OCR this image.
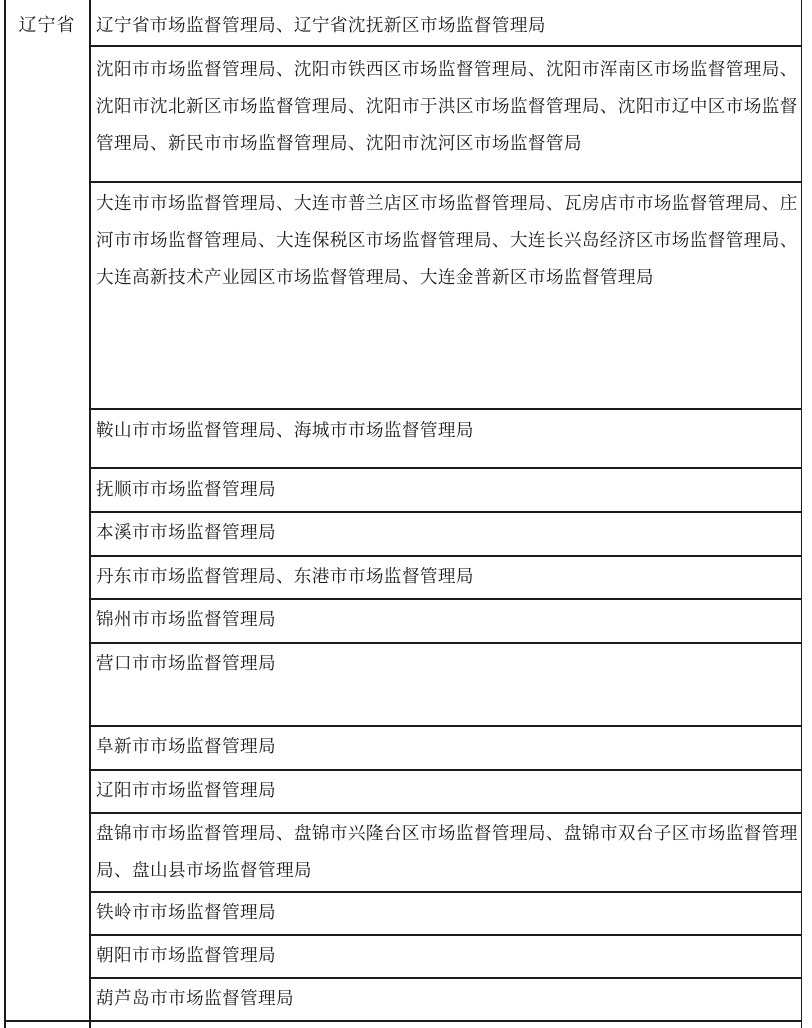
辽宁省	辽宁省市场监督管理局、辽宁省沈抚新区市场监督管理局
沈阳市市场监督管理局、沈阳市铁西区市场监督管理局、沈阳市浑南区市场监督管理局、沈阳市沈北新区市场监督管理局、沈阳市于洪区市场监督管理局、沈阳市辽中区市场监督管理局、新民市市场监督管理局、沈阳市沈河区市场监督管局
大连市市场监督管理局、大连市普兰店区市场监督管理局、瓦房店市市场监督管理局、庄河市市场监督管理局、大连保税区市场监督管理局、大连长兴岛经济区市场监督管理局、大连高新技术产业园区市场监督管理局、大连金普新区市场监督管理局
鞍山市市场监督管理局、海城市市场监督管理局
抚顺市市场监督管理局
本溪市市场监督管理局
丹东市市场监督管理局、东港市市场监督管理局
锦州市市场监督管理局
营口市市场监督管理局
阜新市市场监督管理局
辽阳市市场监督管理局
盘锦市市场监督管理局、盘锦市兴隆台区市场监督管理局、盘锦市双台子区市场监督管理局、盘山县市场监督管理局
铁岭市市场监督管理局
朝阳市市场监督管理局
葫芦岛市市场监督管理局
